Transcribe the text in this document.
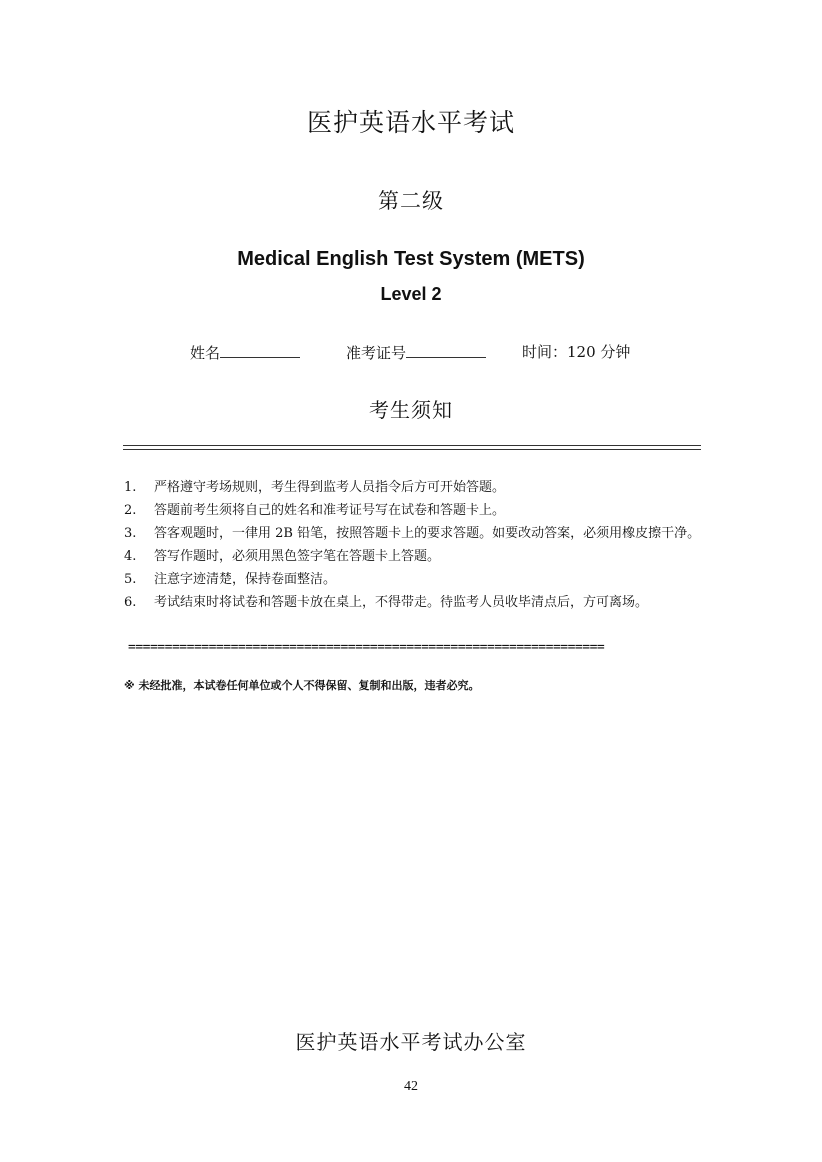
医护英语水平考试
第二级
Medical English Test System (METS)
Level 2
姓名	准考证号	时间：120 分钟
考生须知
1. 严格遵守考场规则，考生得到监考人员指令后方可开始答题。
2. 答题前考生须将自己的姓名和准考证号写在试卷和答题卡上。
3. 答客观题时，一律用 2B 铅笔，按照答题卡上的要求答题。如要改动答案，必须用橡皮擦干净。
4. 答写作题时，必须用黑色签字笔在答题卡上答题。
5. 注意字迹清楚，保持卷面整洁。
6. 考试结束时将试卷和答题卡放在桌上，不得带走。待监考人员收毕清点后，方可离场。
=================================================================
※ 未经批准，本试卷任何单位或个人不得保留、复制和出版，违者必究。
医护英语水平考试办公室
42
